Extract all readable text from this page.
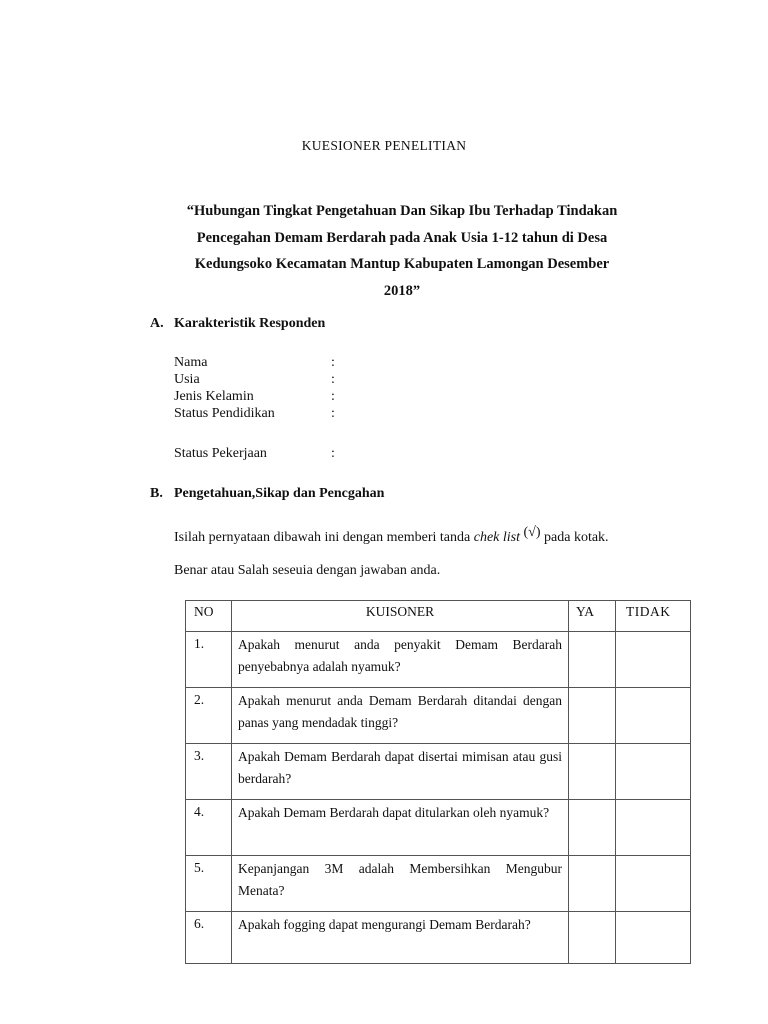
KUESIONER PENELITIAN
“Hubungan Tingkat Pengetahuan Dan Sikap Ibu Terhadap Tindakan
Pencegahan Demam Berdarah pada Anak Usia 1-12 tahun di Desa
Kedungsoko Kecamatan Mantup Kabupaten Lamongan Desember
2018”
A. Karakteristik Responden
Nama	:
Usia	:
Jenis Kelamin	:
Status Pendidikan	:
Status Pekerjaan	:
B. Pengetahuan,Sikap dan Pencgahan
Isilah pernyataan dibawah ini dengan memberi tanda chek list (√) pada kotak.
Benar atau Salah seseuia dengan jawaban anda.
NO	KUISONER	YA	TIDAK
1.	Apakah menurut anda penyakit Demam Berdarah penyebabnya adalah nyamuk?		
2.	Apakah menurut anda Demam Berdarah ditandai dengan panas yang mendadak tinggi?		
3.	Apakah Demam Berdarah dapat disertai mimisan atau gusi berdarah?		
4.	Apakah Demam Berdarah dapat ditularkan oleh nyamuk?		
5.	Kepanjangan 3M adalah Membersihkan Mengubur Menata?		
6.	Apakah fogging dapat mengurangi Demam Berdarah?		
